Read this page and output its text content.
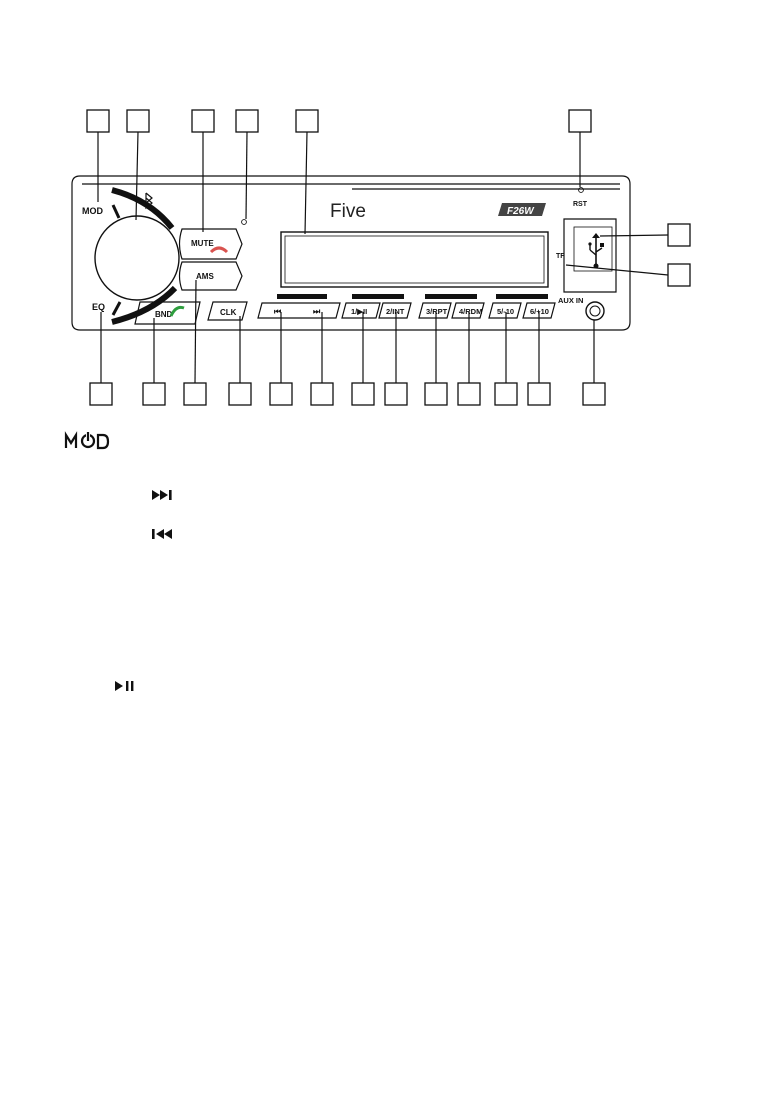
MOD
EQ
MUTE
AMS
BND	CLK
Five	F26W
RST
TF
⏮	⏭	1/▶II	2/INT	3/RPT 4/RDM 5/-10 6/+10
AUX IN
